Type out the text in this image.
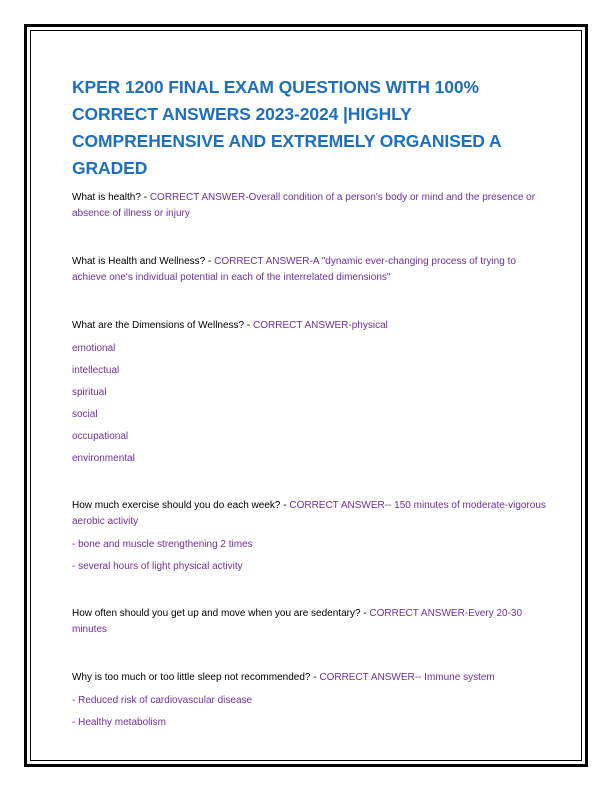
KPER 1200 FINAL EXAM QUESTIONS WITH 100% CORRECT ANSWERS 2023-2024 |HIGHLY COMPREHENSIVE AND EXTREMELY ORGANISED A GRADED

What is health? - CORRECT ANSWER-Overall condition of a person's body or mind and the presence or absence of illness or injury

What is Health and Wellness? - CORRECT ANSWER-A "dynamic ever-changing process of trying to achieve one's individual potential in each of the interrelated dimensions"

What are the Dimensions of Wellness? - CORRECT ANSWER-physical

emotional
intellectual
spiritual
social
occupational
environmental

How much exercise should you do each week? - CORRECT ANSWER-- 150 minutes of moderate-vigorous aerobic activity

- bone and muscle strengthening 2 times
- several hours of light physical activity

How often should you get up and move when you are sedentary? - CORRECT ANSWER-Every 20-30 minutes

Why is too much or too little sleep not recommended? - CORRECT ANSWER-- Immune system

- Reduced risk of cardiovascular disease
- Healthy metabolism
